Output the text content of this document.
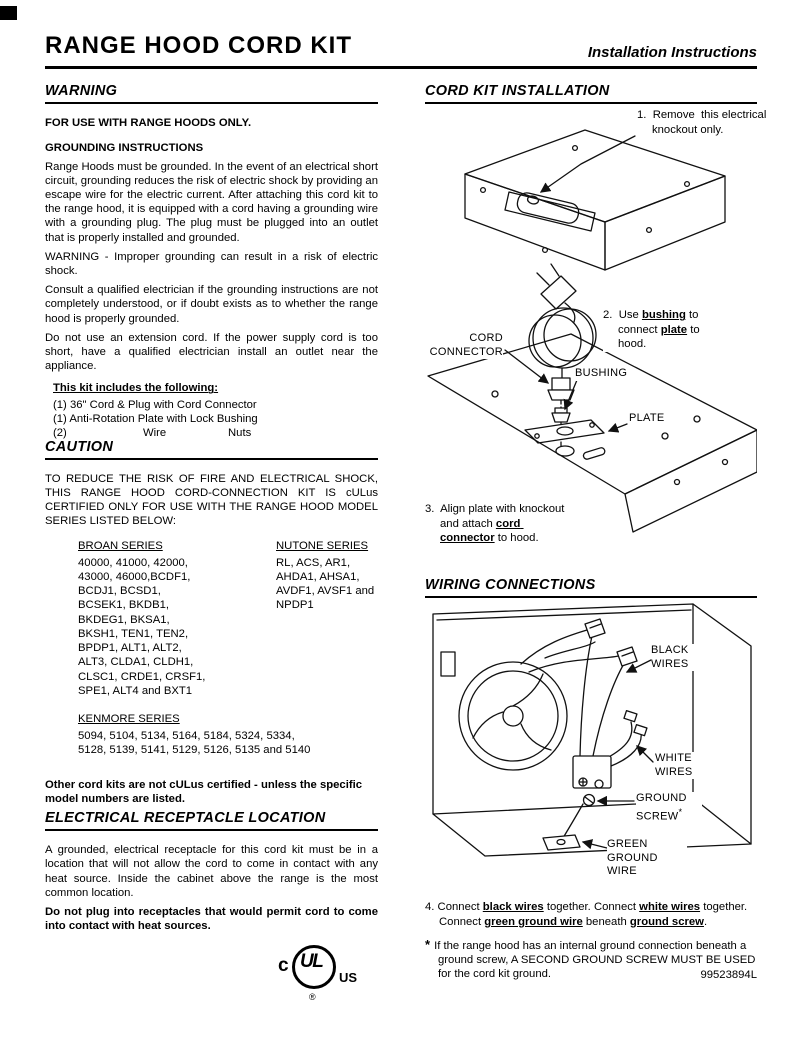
RANGE HOOD CORD KIT	Installation Instructions
WARNING

FOR USE WITH RANGE HOODS ONLY.

GROUNDING INSTRUCTIONS

Range Hoods must be grounded. In the event of an electrical short circuit, grounding reduces the risk of electric shock by providing an escape wire for the electric current. After attaching this cord kit to the range hood, it is equipped with a cord having a grounding wire with a grounding plug. The plug must be plugged into an outlet that is properly installed and grounded.

WARNING - Improper grounding can result in a risk of electric shock.

Consult a qualified electrician if the grounding instructions are not completely understood, or if doubt exists as to whether the range hood is properly grounded.

Do not use an extension cord. If the power supply cord is too short, have a qualified electrician install an outlet near the appliance.

This kit includes the following:

(1) 36" Cord & Plug with Cord Connector

(1) Anti-Rotation Plate with Lock Bushing

(2)	Wire	Nuts

CAUTION

TO REDUCE THE RISK OF FIRE AND ELECTRICAL SHOCK, THIS RANGE HOOD CORD-CONNECTION KIT IS cULus CERTIFIED ONLY FOR USE WITH THE RANGE HOOD MODEL SERIES LISTED BELOW:

BROAN SERIES

40000, 41000, 42000, 43000, 46000,BCDF1, BCDJ1, BCSD1, BCSEK1, BKDB1, BKDEG1, BKSA1, BKSH1, TEN1, TEN2, BPDP1, ALT1, ALT2, ALT3, CLDA1, CLDH1, CLSC1, CRDE1, CRSF1, SPE1, ALT4 and BXT1

NUTONE SERIES

RL, ACS, AR1, AHDA1, AHSA1, AVDF1, AVSF1 and NPDP1

KENMORE SERIES

5094, 5104, 5134, 5164, 5184, 5324, 5334, 5128, 5139, 5141, 5129, 5126, 5135 and 5140

Other cord kits are not cULus certified - unless the specific model numbers are listed.

ELECTRICAL RECEPTACLE LOCATION

A grounded, electrical receptacle for this cord kit must be in a location that will not allow the cord to come in contact with any heat source. Inside the cabinet above the range is the most common location.

Do not plug into receptacles that would permit cord to come into contact with heat sources.

c UL
US
®
CORD KIT INSTALLATION
1.  Remove  this electrical knockout only.
CORD CONNECTOR
BUSHING
PLATE
2.  Use bushing to connect plate to hood.
3.  Align plate with knockout and attach cord connector to hood.
WIRING CONNECTIONS
BLACK WIRES
WHITE WIRES
GROUND SCREW*
GREEN GROUND WIRE
4. Connect black wires together. Connect white wires together. Connect green ground wire beneath ground screw.
* If the range hood has an internal ground connection beneath a ground screw, A SECOND GROUND SCREW MUST BE USED for the cord kit ground.	99523894L
